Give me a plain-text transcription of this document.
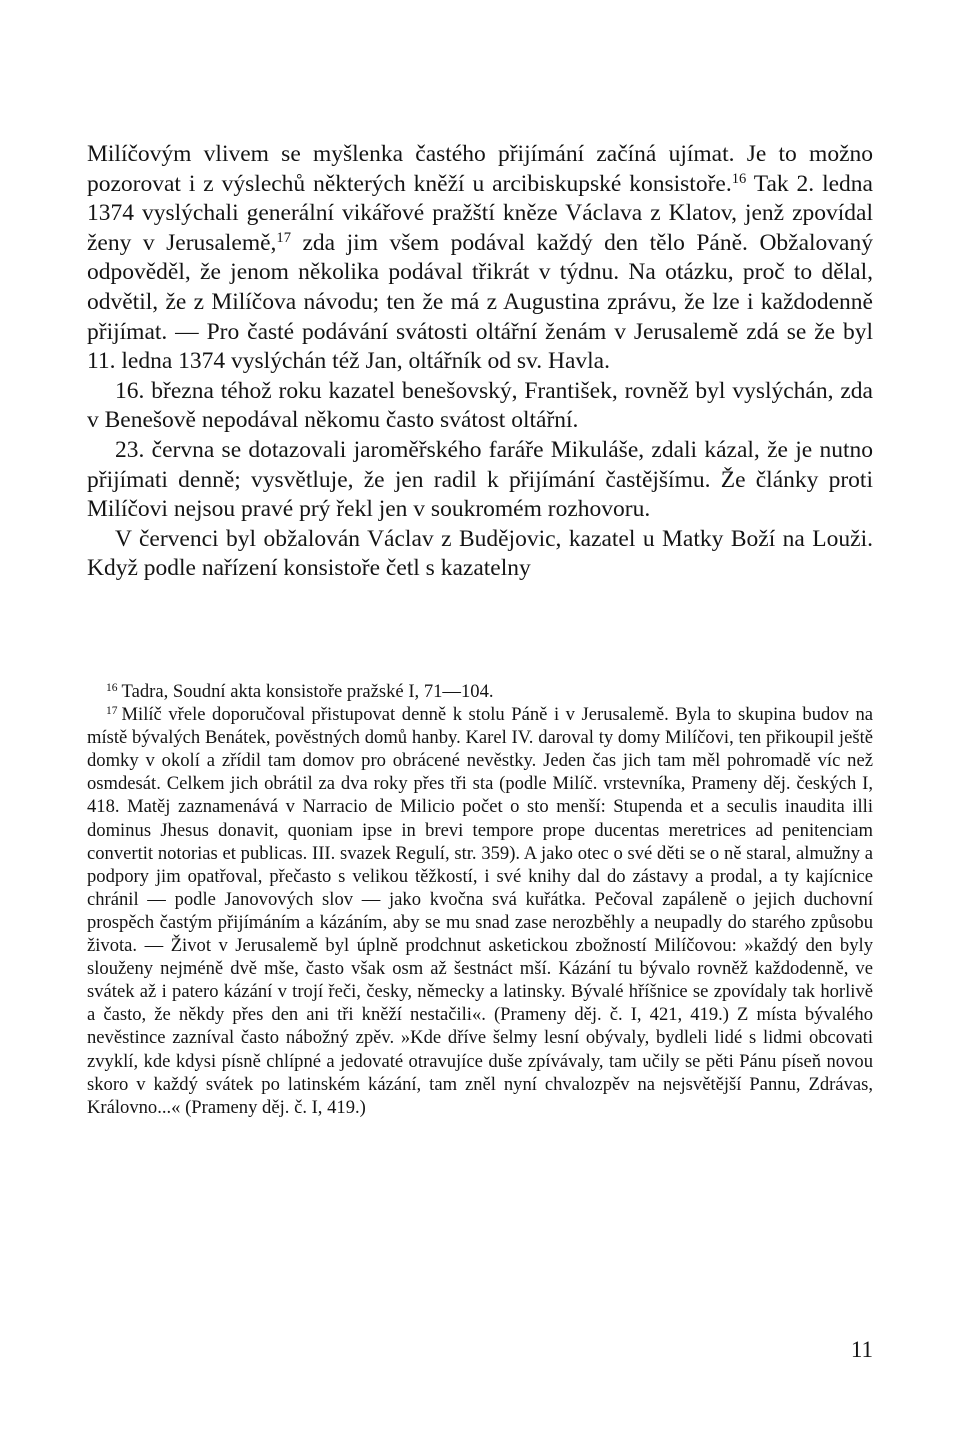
Milíčovým vlivem se myšlenka častého přijímání začíná ujímat. Je to možno pozorovat i z výslechů některých kněží u arcibiskupské konsistoře.$^{16}$ Tak 2. ledna 1374 vyslýchali generální vikářové pražští kněze Václava z Klatov, jenž zpovídal ženy v Jerusalemě,$^{17}$ zda jim všem podával každý den tělo Páně. Obžalovaný odpověděl, že jenom několika podával třikrát v týdnu. Na otázku, proč to dělal, odvětil, že z Milíčova návodu; ten že má z Augustina zprávu, že lze i každodenně přijímat. — Pro časté podávání svátosti oltářní ženám v Jerusalemě zdá se že byl 11. ledna 1374 vyslýchán též Jan, oltářník od sv. Havla.

16. března téhož roku kazatel benešovský, František, rovněž byl vyslýchán, zda v Benešově nepodával někomu často svátost oltářní.

23. června se dotazovali jaroměřského faráře Mikuláše, zdali kázal, že je nutno přijímati denně; vysvětluje, že jen radil k přijímání častějšímu. Že články proti Milíčovi nejsou pravé prý řekl jen v soukromém rozhovoru.

V červenci byl obžalován Václav z Budějovic, kazatel u Matky Boží na Louži. Když podle nařízení konsistoře četl s kazatelny

$^{16}$ Tadra, Soudní akta konsistoře pražské I, 71—104.

$^{17}$ Milíč vřele doporučoval přistupovat denně k stolu Páně i v Jerusalemě. Byla to skupina budov na místě bývalých Benátek, pověstných domů hanby. Karel IV. daroval ty domy Milíčovi, ten přikoupil ještě domky v okolí a zřídil tam domov pro obrácené nevěstky. Jeden čas jich tam měl pohromadě víc než osmdesát. Celkem jich obrátil za dva roky přes tři sta (podle Milíč. vrstevníka, Prameny děj. českých I, 418. Matěj zaznamenává v Narracio de Milicio počet o sto menší: Stupenda et a seculis inaudita illi dominus Jhesus donavit, quoniam ipse in brevi tempore prope ducentas meretrices ad penitenciam convertit notorias et publicas. III. svazek Regulí, str. 359). A jako otec o své děti se o ně staral, almužny a podpory jim opatřoval, přečasto s velikou těžkostí, i své knihy dal do zástavy a prodal, a ty kajícnice chránil — podle Janovových slov — jako kvočna svá kuřátka. Pečoval zapáleně o jejich duchovní prospěch častým přijímáním a kázáním, aby se mu snad zase nerozběhly a neupadly do starého způsobu života. — Život v Jerusalemě byl úplně prodchnut asketickou zbožností Milíčovou: »každý den byly slouženy nejméně dvě mše, často však osm až šestnáct mší. Kázání tu bývalo rovněž každodenně, ve svátek až i patero kázání v trojí řeči, česky, německy a latinsky. Bývalé hříšnice se zpovídaly tak horlivě a často, že někdy přes den ani tři kněží nestačili«. (Prameny děj. č. I, 421, 419.) Z místa bývalého nevěstince zazníval často nábožný zpěv. »Kde dříve šelmy lesní obývaly, bydleli lidé s lidmi obcovati zvyklí, kde kdysi písně chlípné a jedovaté otravujíce duše zpívávaly, tam učily se pěti Pánu píseň novou skoro v každý svátek po latinském kázání, tam zněl nyní chvalozpěv na nejsvětější Pannu, Zdrávas, Královno...« (Prameny děj. č. I, 419.)

11
